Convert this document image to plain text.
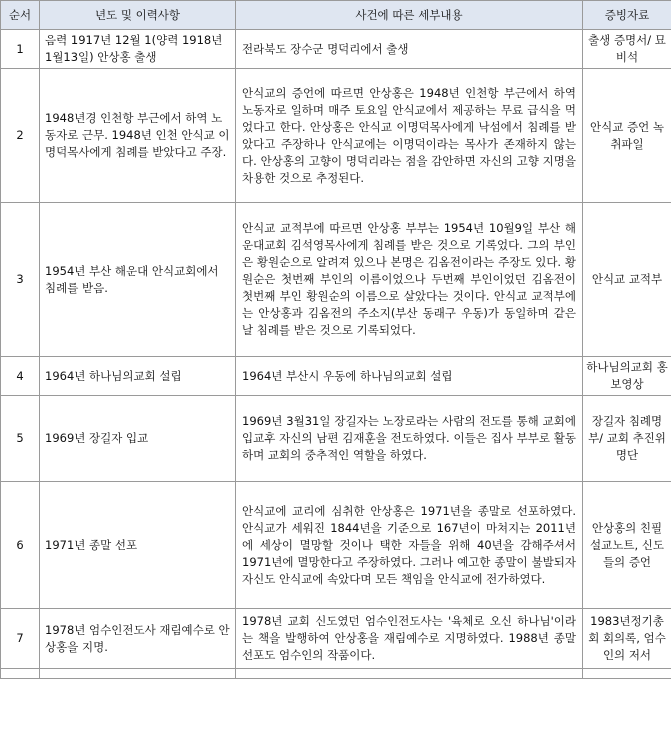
순서	년도 및 이력사항	사건에 따른 세부내용	증빙자료
1	음력 1917년 12월 1(양력 1918년 1월13일) 안상홍 출생	전라북도 장수군 명덕리에서 출생	출생 증명서/ 묘비석
2	1948년경 인천항 부근에서 하역 노동자로 근무. 1948년 인천 안식교 이명덕목사에게 침례를 받았다고 주장.	안식교의 증언에 따르면 안상홍은 1948년 인천항 부근에서 하역 노동자로 일하며 매주 토요일 안식교에서 제공하는 무료 급식을 먹었다고 한다. 안상홍은 안식교 이명덕목사에게 낙섬에서 침례를 받았다고 주장하나 안식교에는 이명덕이라는 목사가 존재하지 않는다. 안상홍의 고향이 명덕리라는 점을 감안하면 자신의 고향 지명을 차용한 것으로 추정된다.	안식교 증언 녹취파일
3	1954년 부산 해운대 안식교회에서 침례를 받음.	안식교 교적부에 따르면 안상홍 부부는 1954년 10월9일 부산 해운대교회 김석영목사에게 침례를 받은 것으로 기록었다. 그의 부인은 황원순으로 알려져 있으나 본명은 김옴전이라는 주장도 있다. 황원순은 첫번째 부인의 이름이었으나 두번째 부인이었던 김옴전이 첫번째 부인 황원순의 이름으로 살았다는 것이다. 안식교 교적부에는 안상홍과 김옴전의 주소지(부산 동래구 우동)가 동일하며 같은 날 침례를 받은 것으로 기록되었다.	안식교 교적부
4	1964년 하나님의교회 설립	1964년 부산시 우동에 하나님의교회 설립	하나님의교회 홍보영상
5	1969년 장길자 입교	1969년 3월31일 장길자는 노장로라는 사람의 전도를 통해 교회에 입교후 자신의 남편 김재훈을 전도하였다. 이들은 집사 부부로 활동하며 교회의 중추적인 역할을 하였다.	장길자 침례명부/ 교회 추진위 명단
6	1971년 종말 선포	안식교에 교리에 심취한 안상홍은 1971년을 종말로 선포하였다. 안식교가 세워진 1844년을 기준으로 167년이 마쳐지는 2011년에 세상이 멸망할 것이나 택한 자들을 위해 40년을 감해주셔서 1971년에 멸망한다고 주장하였다. 그러나 예고한 종말이 불발되자 자신도 안식교에 속았다며 모든 책임을 안식교에 전가하였다.	안상홍의 친필 설교노트, 신도들의 증언
7	1978년 엄수인전도사 재림예수로 안상홍을 지명.	1978년 교회 신도였던 엄수인전도사는 '육체로 오신 하나님'이라는 책을 발행하여 안상홍을 재림예수로 지명하였다. 1988년 종말 선포도 엄수인의 작품이다.	1983년정기총회 회의록, 엄수인의 저서
